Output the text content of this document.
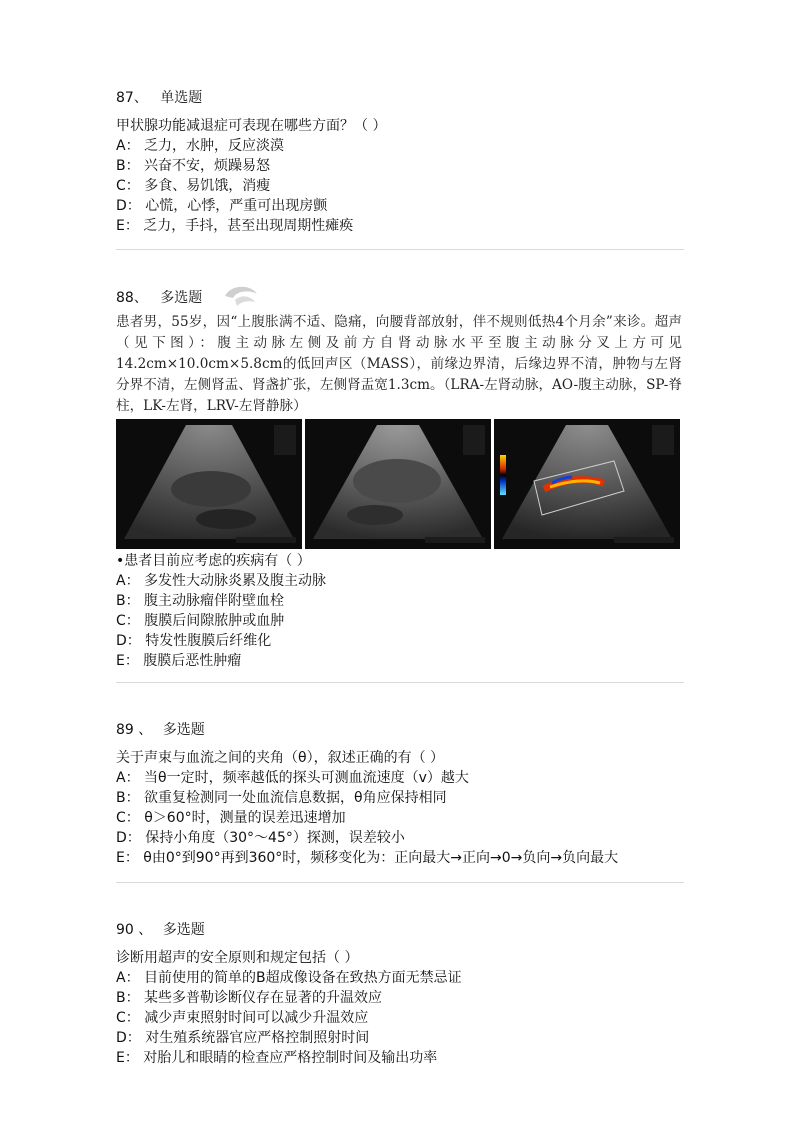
87、 单选题
甲状腺功能减退症可表现在哪些方面？（ ）
A： 乏力，水肿，反应淡漠
B： 兴奋不安，烦躁易怒
C： 多食、易饥饿，消瘦
D： 心慌，心悸，严重可出现房颤
E： 乏力，手抖，甚至出现周期性瘫痪
88、 多选题
患者男，55岁，因“上腹胀满不适、隐痛，向腰背部放射，伴不规则低热4个月余”来诊。超声（见下图）：腹主动脉左侧及前方自肾动脉水平至腹主动脉分叉上方可见14.2cm×10.0cm×5.8cm的低回声区（MASS），前缘边界清，后缘边界不清，肿物与左肾分界不清，左侧肾盂、肾盏扩张，左侧肾盂宽1.3cm。（LRA-左肾动脉，AO-腹主动脉，SP-脊柱，LK-左肾，LRV-左肾静脉）
•患者目前应考虑的疾病有（ ）
A： 多发性大动脉炎累及腹主动脉
B： 腹主动脉瘤伴附壁血栓
C： 腹膜后间隙脓肿或血肿
D： 特发性腹膜后纤维化
E： 腹膜后恶性肿瘤
89 、 多选题
关于声束与血流之间的夹角（θ），叙述正确的有（ ）
A： 当θ一定时，频率越低的探头可测血流速度（v）越大
B： 欲重复检测同一处血流信息数据，θ角应保持相同
C： θ＞60°时，测量的误差迅速增加
D： 保持小角度（30°～45°）探测，误差较小
E： θ由0°到90°再到360°时，频移变化为：正向最大→正向→0→负向→负向最大
90 、 多选题
诊断用超声的安全原则和规定包括（ ）
A： 目前使用的简单的B超成像设备在致热方面无禁忌证
B： 某些多普勒诊断仪存在显著的升温效应
C： 减少声束照射时间可以减少升温效应
D： 对生殖系统器官应严格控制照射时间
E： 对胎儿和眼睛的检查应严格控制时间及输出功率
